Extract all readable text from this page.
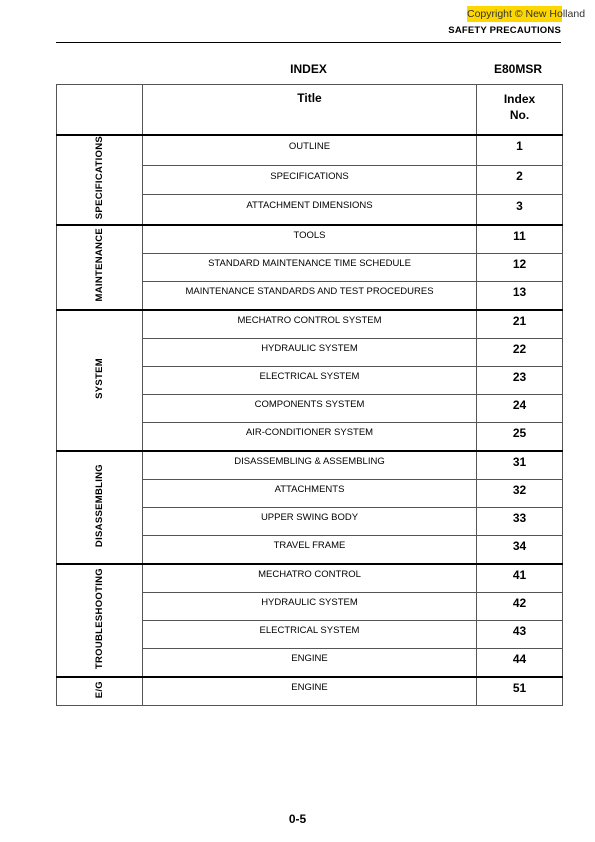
Copyright © New Holland
SAFETY PRECAUTIONS
INDEX	E80MSR
	Title	Index
No.
SPECIFICATIONS	OUTLINE	1
	SPECIFICATIONS	2
	ATTACHMENT DIMENSIONS	3
MAINTENANCE	TOOLS	11
	STANDARD MAINTENANCE TIME SCHEDULE	12
	MAINTENANCE STANDARDS AND TEST PROCEDURES	13
SYSTEM	MECHATRO CONTROL SYSTEM	21
	HYDRAULIC SYSTEM	22
	ELECTRICAL SYSTEM	23
	COMPONENTS SYSTEM	24
	AIR-CONDITIONER SYSTEM	25
DISASSEMBLING	DISASSEMBLING & ASSEMBLING	31
	ATTACHMENTS	32
	UPPER SWING BODY	33
	TRAVEL FRAME	34
TROUBLESHOOTING	MECHATRO CONTROL	41
	HYDRAULIC SYSTEM	42
	ELECTRICAL SYSTEM	43
	ENGINE	44
E/G	ENGINE	51
0-5
